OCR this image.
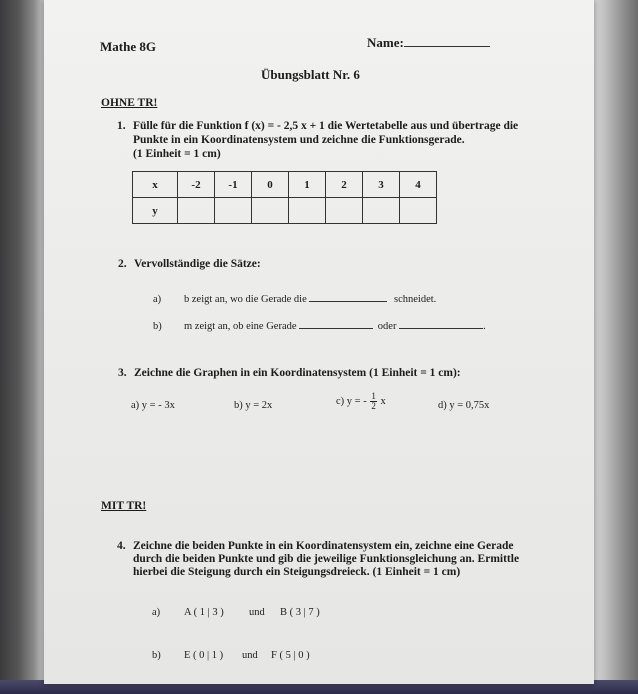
Mathe 8G	Name:
Übungsblatt Nr. 6
OHNE TR!
1. Fülle für die Funktion f (x) = - 2,5 x + 1 die Wertetabelle aus und übertrage die
Punkte in ein Koordinatensystem und zeichne die Funktionsgerade.
(1 Einheit = 1 cm)
x	-2	-1	0	1	2	3	4
y							
2. Vervollständige die Sätze:
a) b zeigt an, wo die Gerade die	schneidet.
b) m zeigt an, ob eine Gerade	oder	.
3. Zeichne die Graphen in ein Koordinatensystem (1 Einheit = 1 cm):
a) y = - 3x	b) y = 2x	c) y = - $\frac{1}{2}$ x	d) y = 0,75x
MIT TR!
4. Zeichne die beiden Punkte in ein Koordinatensystem ein, zeichne eine Gerade
durch die beiden Punkte und gib die jeweilige Funktionsgleichung an. Ermittle
hierbei die Steigung durch ein Steigungsdreieck. (1 Einheit = 1 cm)
a) A ( 1 | 3 ) und B ( 3 | 7 )
b) E ( 0 | 1 ) und F ( 5 | 0 )
